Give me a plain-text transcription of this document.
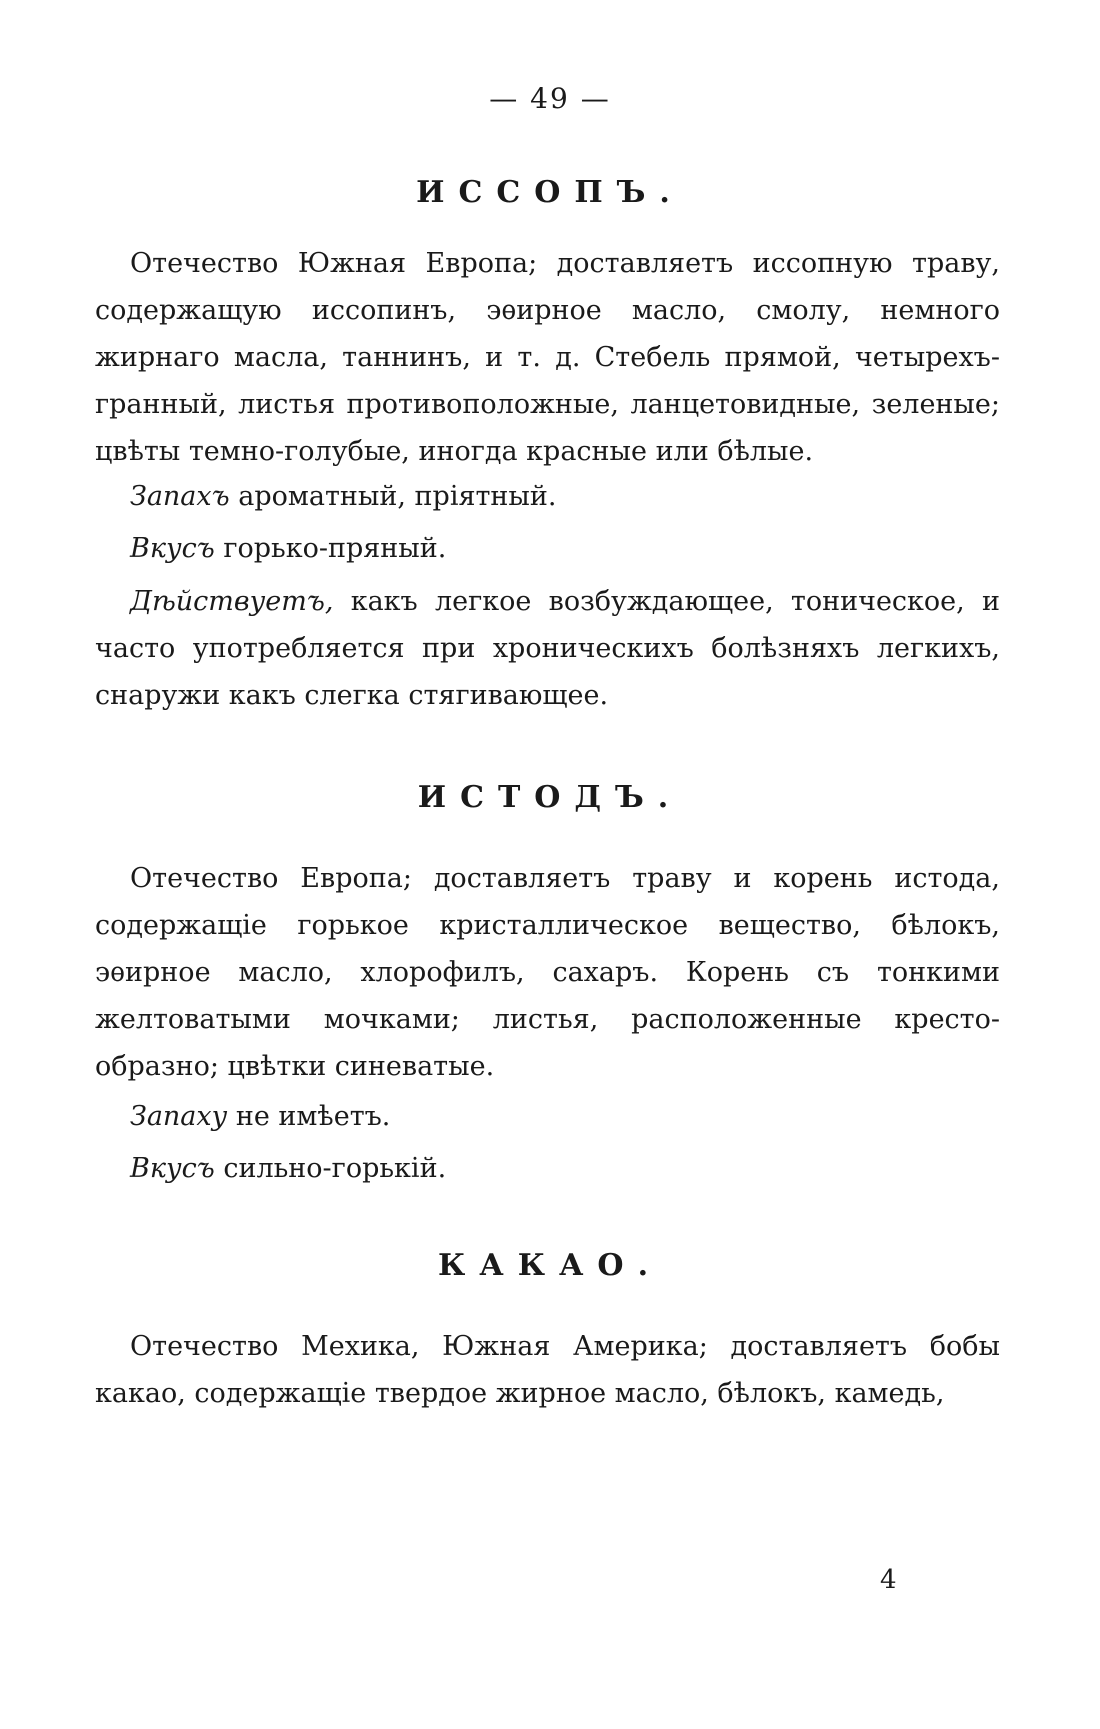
— 49 —
ИССОПЪ.

Отечество Южная Европа; доставляетъ иссопную траву, содержащую иссопинъ, эѳирное масло, смолу, немного жирнаго масла, таннинъ, и т. д. Стебель прямой, четырехъ-гранный, листья противоположные, ланцетовидные, зеленые; цвѣты темно-голубые, иногда красные или бѣлые.

Запахъ ароматный, пріятный.

Вкусъ горько-пряный.

Дѣйствуетъ, какъ легкое возбуждающее, тоническое, и часто употребляется при хроническихъ болѣзняхъ легкихъ, снаружи какъ слегка стягивающее.

ИСТОДЪ.

Отечество Европа; доставляетъ траву и корень истода, содержащіе горькое кристаллическое вещество, бѣлокъ, эѳирное масло, хлорофилъ, сахаръ. Корень съ тонкими желтоватыми мочками; листья, расположенные кресто-образно; цвѣтки синеватые.

Запаху не имѣетъ.

Вкусъ сильно-горькій.

КАКАО.

Отечество Мехика, Южная Америка; доставляетъ бобы какао, содержащіе твердое жирное масло, бѣлокъ, камедь,

4
